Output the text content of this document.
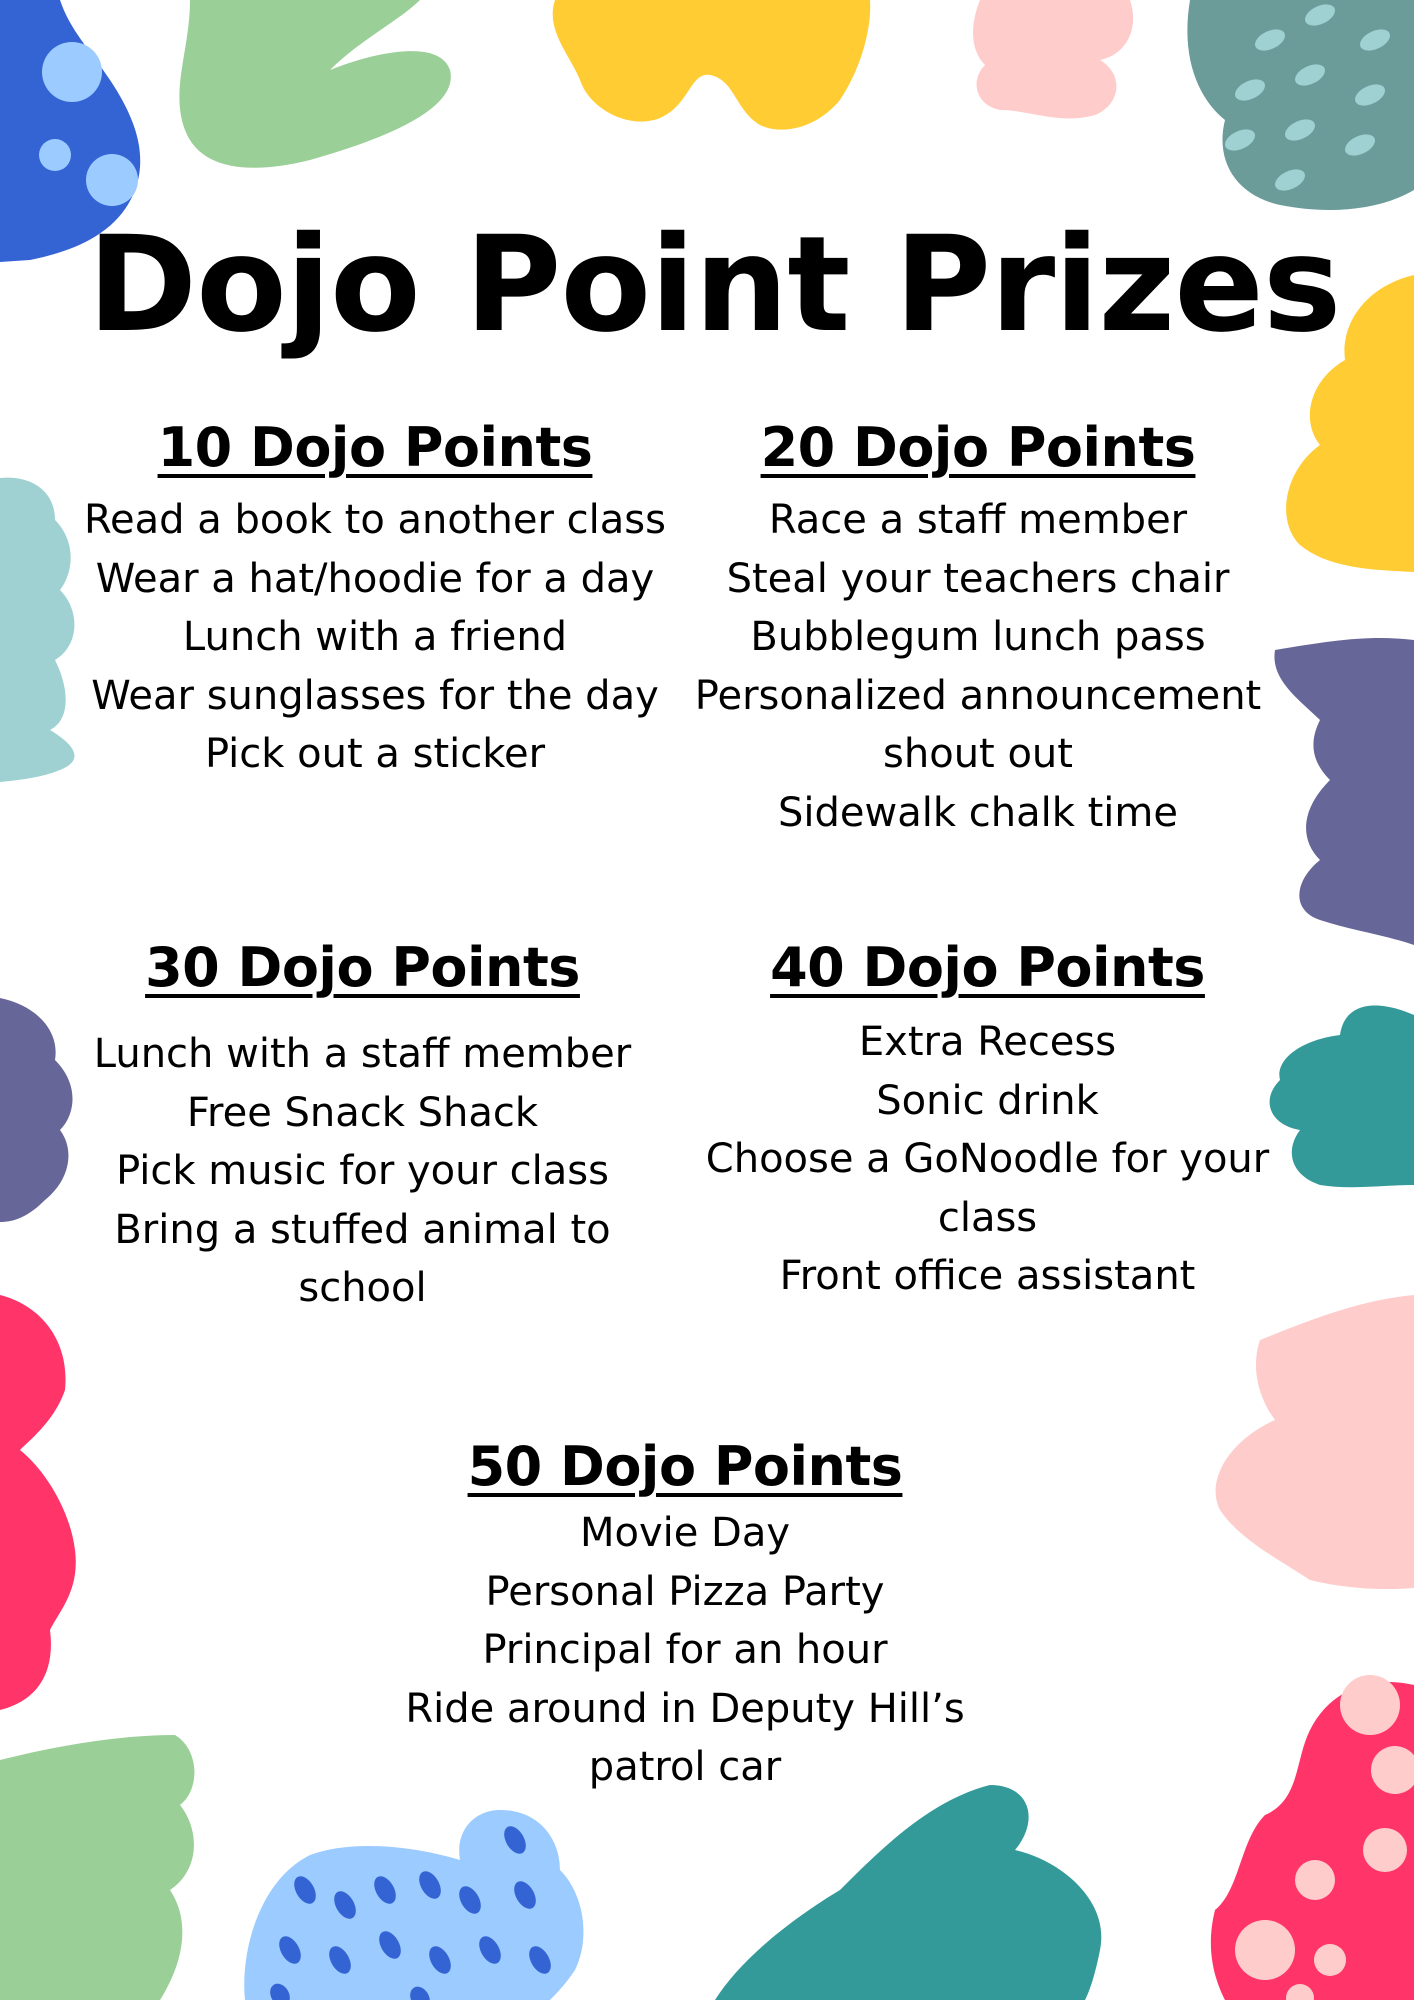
Dojo Point Prizes
10 Dojo Points
Read a book to another class
Wear a hat/hoodie for a day
Lunch with a friend
Wear sunglasses for the day
Pick out a sticker
20 Dojo Points
Race a staff member
Steal your teachers chair
Bubblegum lunch pass
Personalized announcement
shout out
Sidewalk chalk time
30 Dojo Points
Lunch with a staff member
Free Snack Shack
Pick music for your class
Bring a stuffed animal to
school
40 Dojo Points
Extra Recess
Sonic drink
Choose a GoNoodle for your
class
Front office assistant
50 Dojo Points
Movie Day
Personal Pizza Party
Principal for an hour
Ride around in Deputy Hill’s
patrol car
